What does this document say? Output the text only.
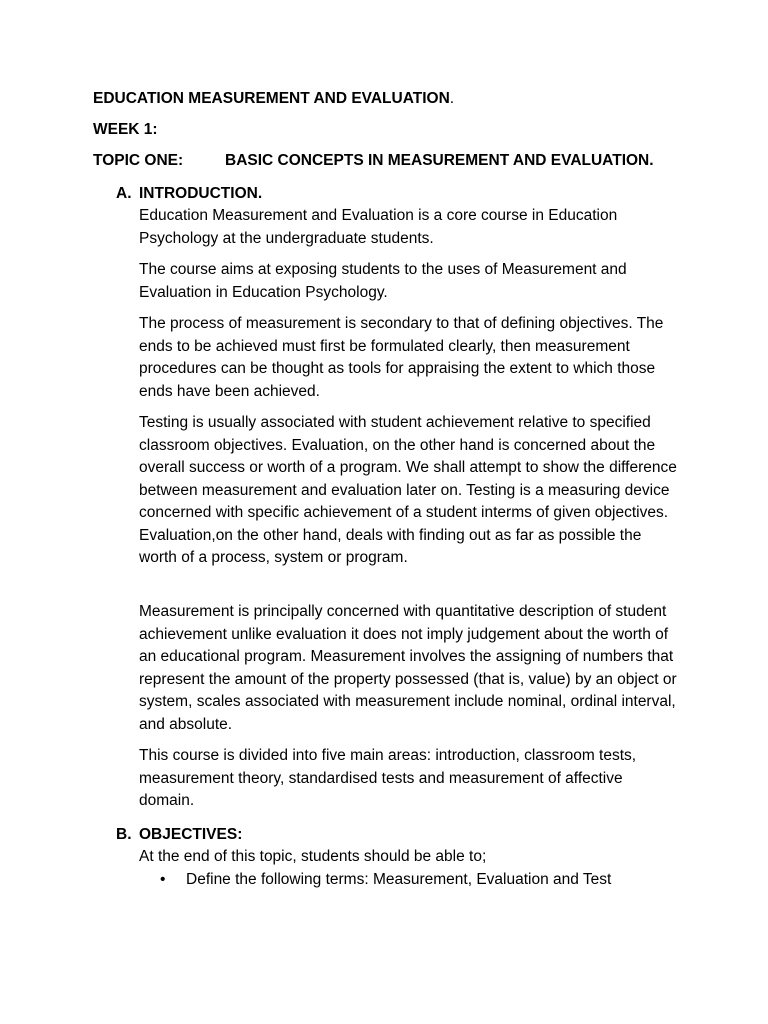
EDUCATION MEASUREMENT AND EVALUATION.
WEEK 1:
TOPIC ONE:	BASIC CONCEPTS IN MEASUREMENT AND EVALUATION.
A. INTRODUCTION.

Education Measurement and Evaluation is a core course in Education Psychology at the undergraduate students.

The course aims at exposing students to the uses of Measurement and Evaluation in Education Psychology.

The process of measurement is secondary to that of defining objectives. The ends to be achieved must first be formulated clearly, then measurement procedures can be thought as tools for appraising the extent to which those ends have been achieved.

Testing is usually associated with student achievement relative to specified classroom objectives. Evaluation, on the other hand is concerned about the overall success or worth of a program. We shall attempt to show the difference between measurement and evaluation later on. Testing is a measuring device concerned with specific achievement of a student interms of given objectives. Evaluation,on the other hand, deals with finding out as far as possible the worth of a process, system or program.

Measurement is principally concerned with quantitative description of student achievement unlike evaluation it does not imply judgement about the worth of an educational program. Measurement involves the assigning of numbers that represent the amount of the property possessed (that is, value) by an object or system, scales associated with measurement include nominal, ordinal interval, and absolute.

This course is divided into five main areas: introduction, classroom tests, measurement theory, standardised tests and measurement of affective domain.

B. OBJECTIVES:

At the end of this topic, students should be able to;

• Define the following terms: Measurement, Evaluation and Test
